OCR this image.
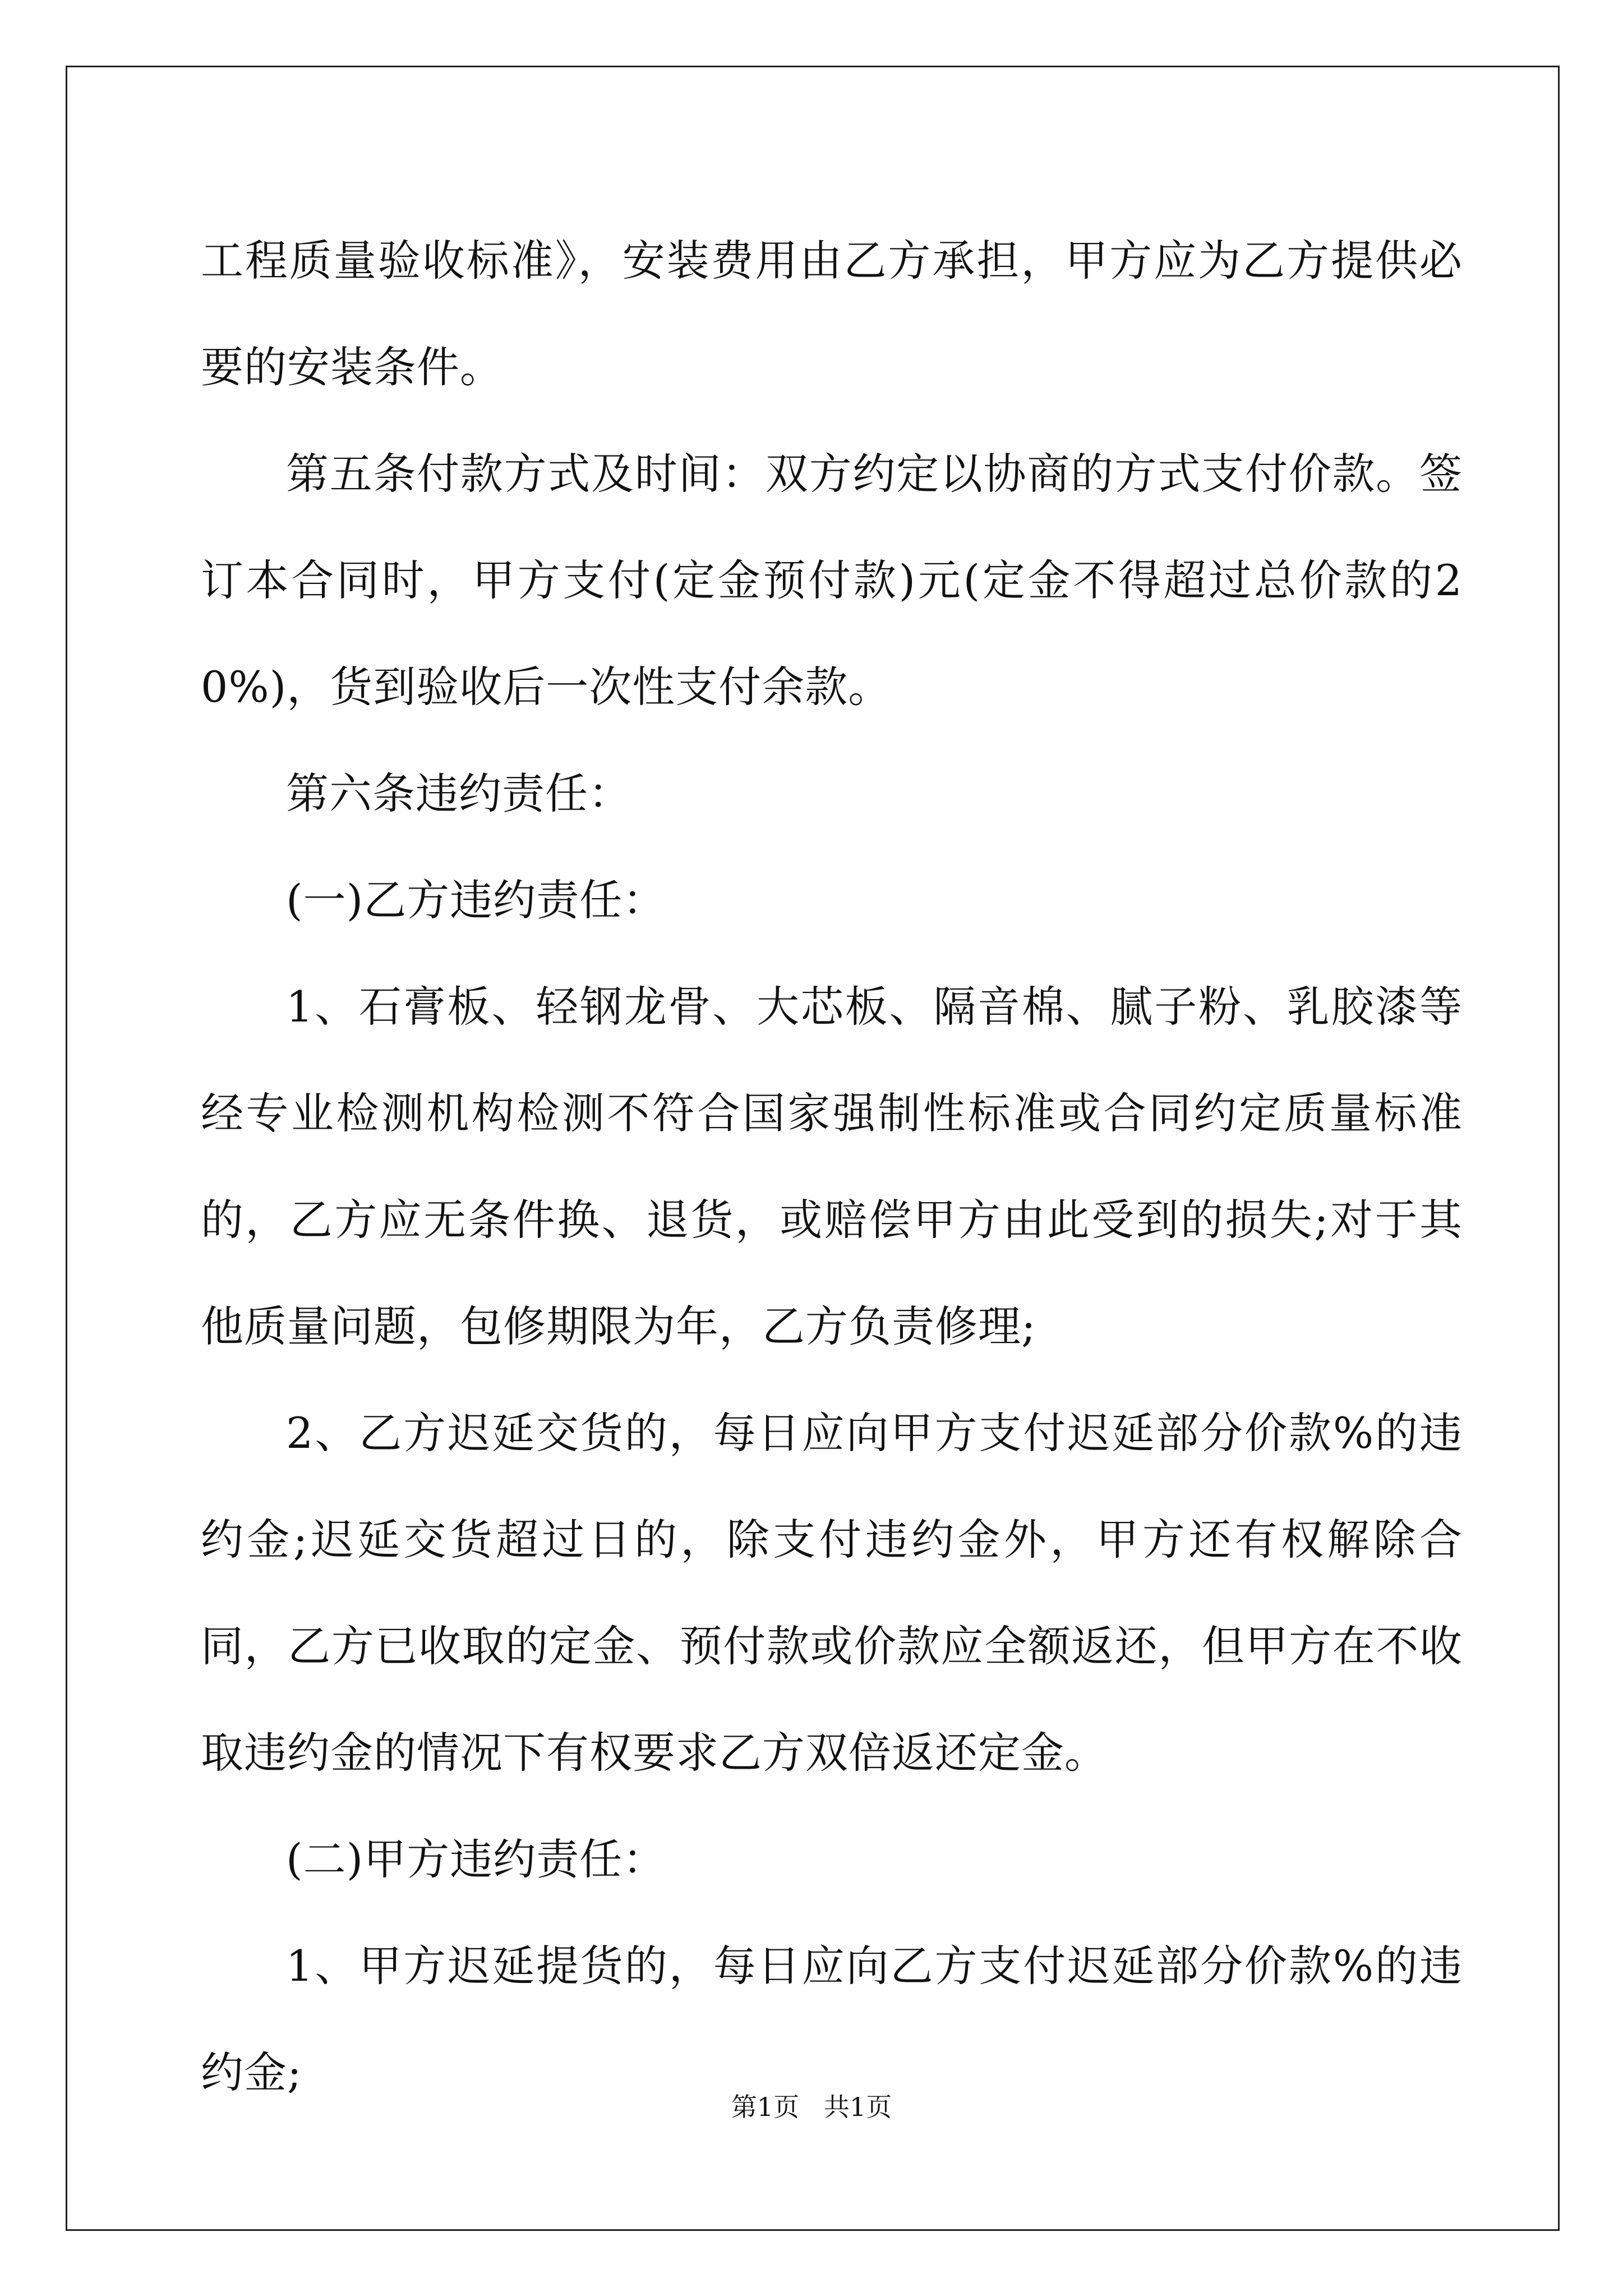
工程质量验收标准》，安装费用由乙方承担，甲方应为乙方提供必要的安装条件。

第五条付款方式及时间：双方约定以协商的方式支付价款。签订本合同时，甲方支付(定金预付款)元(定金不得超过总价款的20%)，货到验收后一次性支付余款。

第六条违约责任：

(一)乙方违约责任：

1、石膏板、轻钢龙骨、大芯板、隔音棉、腻子粉、乳胶漆等经专业检测机构检测不符合国家强制性标准或合同约定质量标准的，乙方应无条件换、退货，或赔偿甲方由此受到的损失;对于其他质量问题，包修期限为年，乙方负责修理;

2、乙方迟延交货的，每日应向甲方支付迟延部分价款%的违约金;迟延交货超过日的，除支付违约金外，甲方还有权解除合同，乙方已收取的定金、预付款或价款应全额返还，但甲方在不收取违约金的情况下有权要求乙方双倍返还定金。

(二)甲方违约责任：

1、甲方迟延提货的，每日应向乙方支付迟延部分价款%的违约金;

第1页   共1页
